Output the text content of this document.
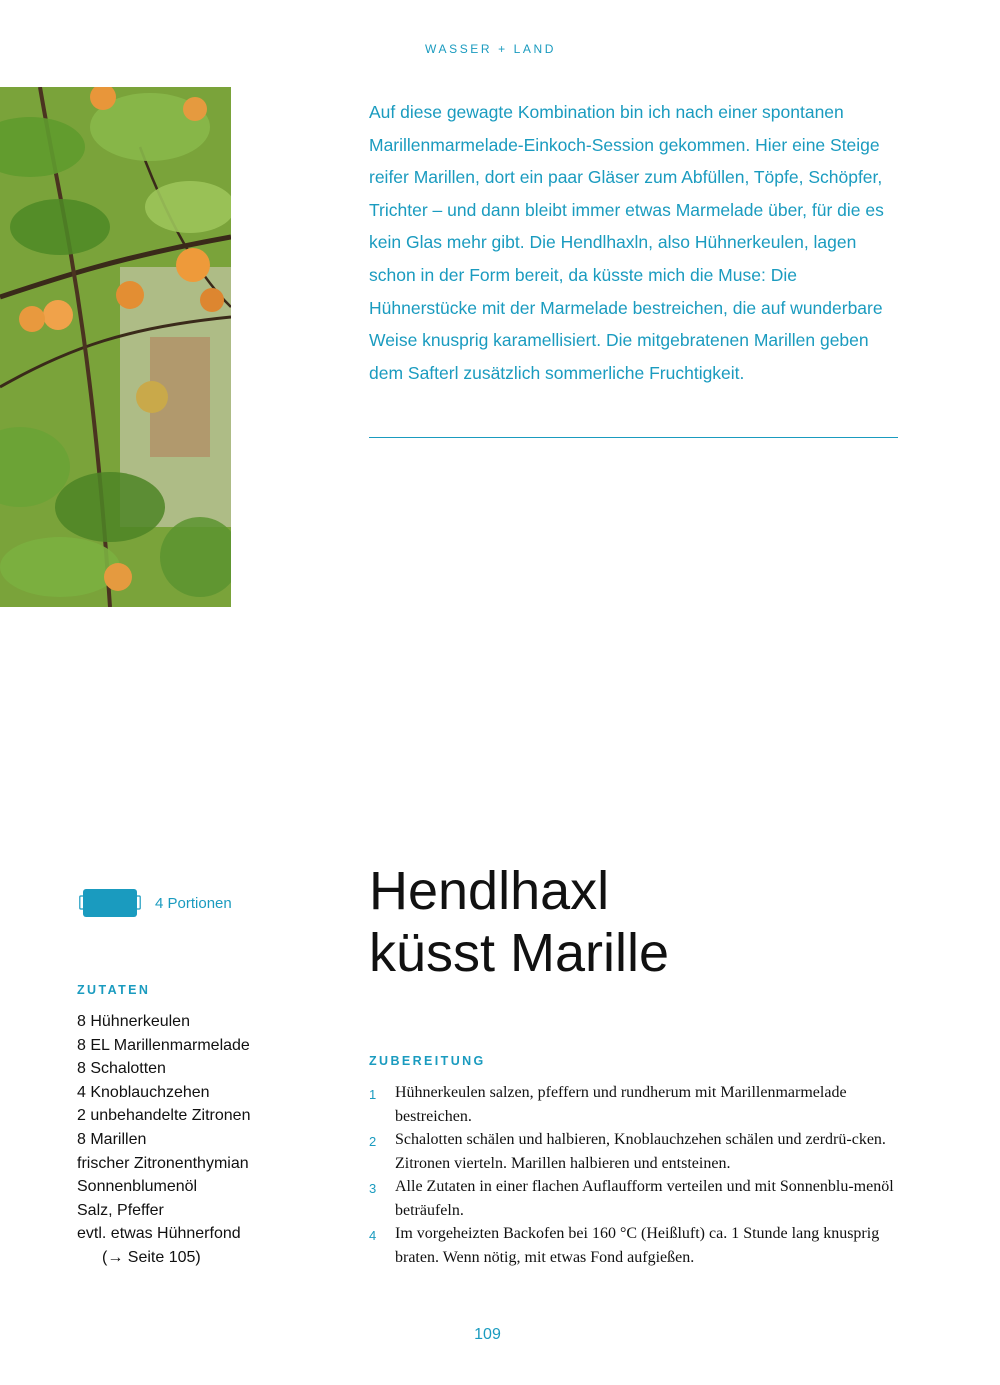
WASSER + LAND

Auf diese gewagte Kombination bin ich nach einer spontanen Marillenmarmelade-Einkoch-Session gekommen. Hier eine Steige reifer Marillen, dort ein paar Gläser zum Abfüllen, Töpfe, Schöpfer, Trichter – und dann bleibt immer etwas Marmelade über, für die es kein Glas mehr gibt. Die Hendlhaxln, also Hühnerkeulen, lagen schon in der Form bereit, da küsste mich die Muse: Die Hühnerstücke mit der Marmelade bestreichen, die auf wunderbare Weise knusprig karamellisiert. Die mitgebratenen Marillen geben dem Safterl zusätzlich sommerliche Fruchtigkeit.

4 Portionen
ZUTATEN
8 Hühnerkeulen
8 EL Marillenmarmelade
8 Schalotten
4 Knoblauchzehen
2 unbehandelte Zitronen
8 Marillen
frischer Zitronenthymian
Sonnenblumenöl
Salz, Pfeffer
evtl. etwas Hühnerfond
(→ Seite 105)
Hendlhaxl
küsst Marille
ZUBEREITUNG
1	Hühnerkeulen salzen, pfeffern und rundherum mit Marillenmarmelade bestreichen.
2	Schalotten schälen und halbieren, Knoblauchzehen schälen und zerdrü-cken. Zitronen vierteln. Marillen halbieren und entsteinen.
3	Alle Zutaten in einer flachen Auflaufform verteilen und mit Sonnenblu-menöl beträufeln.
4	Im vorgeheizten Backofen bei 160 °C (Heißluft) ca. 1 Stunde lang knusprig braten. Wenn nötig, mit etwas Fond aufgießen.
109
